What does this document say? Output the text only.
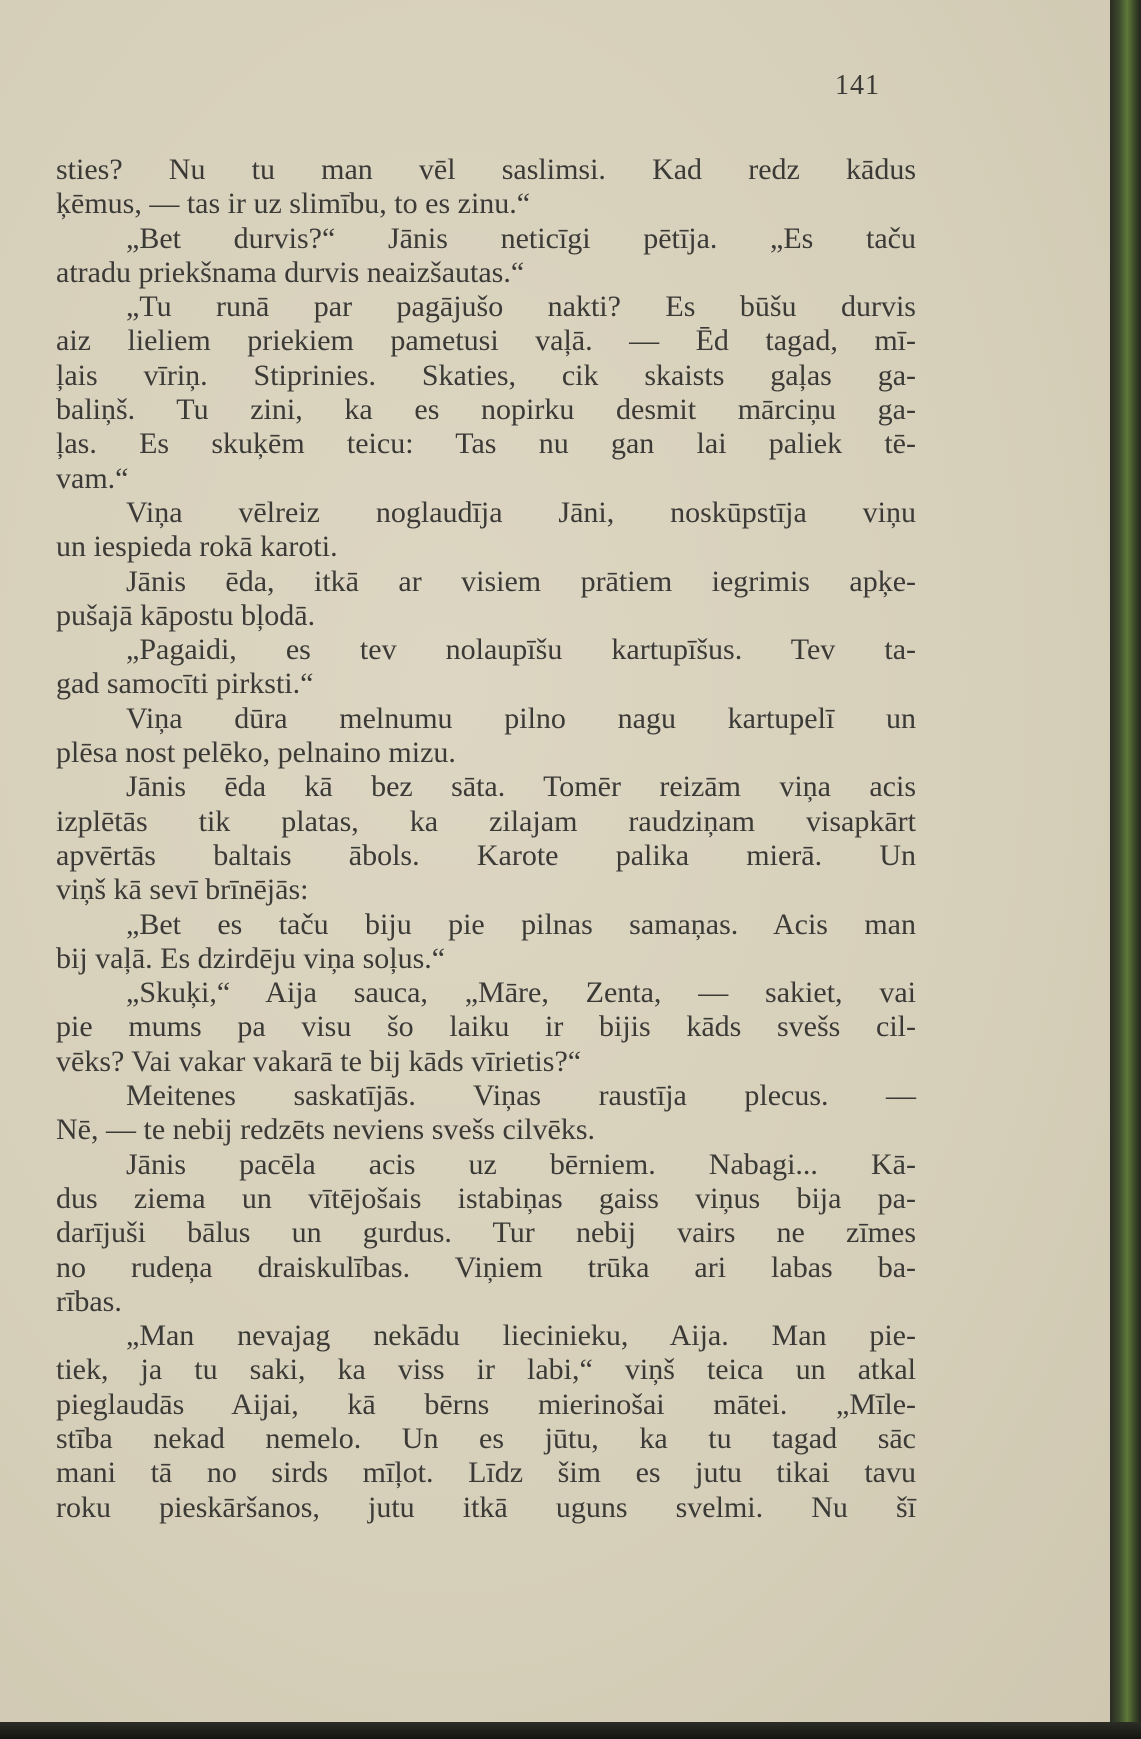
141
sties? Nu tu man vēl saslimsi. Kad redz kādus
ķēmus, — tas ir uz slimību, to es zinu.“
„Bet durvis?“ Jānis neticīgi pētīja. „Es taču
atradu priekšnama durvis neaizšautas.“
„Tu runā par pagājušo nakti? Es būšu durvis
aiz lieliem priekiem pametusi vaļā. — Ēd tagad, mī-
ļais vīriņ. Stiprinies. Skaties, cik skaists gaļas ga-
baliņš. Tu zini, ka es nopirku desmit mārciņu ga-
ļas. Es skuķēm teicu: Tas nu gan lai paliek tē-
vam.“
Viņa vēlreiz noglaudīja Jāni, noskūpstīja viņu
un iespieda rokā karoti.
Jānis ēda, itkā ar visiem prātiem iegrimis apķe-
pušajā kāpostu bļodā.
„Pagaidi, es tev nolaupīšu kartupīšus. Tev ta-
gad samocīti pirksti.“
Viņa dūra melnumu pilno nagu kartupelī un
plēsa nost pelēko, pelnaino mizu.
Jānis ēda kā bez sāta. Tomēr reizām viņa acis
izplētās tik platas, ka zilajam raudziņam visapkārt
apvērtās baltais ābols. Karote palika mierā. Un
viņš kā sevī brīnējās:
„Bet es taču biju pie pilnas samaņas. Acis man
bij vaļā. Es dzirdēju viņa soļus.“
„Skuķi,“ Aija sauca, „Māre, Zenta, — sakiet, vai
pie mums pa visu šo laiku ir bijis kāds svešs cil-
vēks? Vai vakar vakarā te bij kāds vīrietis?“
Meitenes saskatījās. Viņas raustīja plecus. —
Nē, — te nebij redzēts neviens svešs cilvēks.
Jānis pacēla acis uz bērniem. Nabagi... Kā-
dus ziema un vītējošais istabiņas gaiss viņus bija pa-
darījuši bālus un gurdus. Tur nebij vairs ne zīmes
no rudeņa draiskulības. Viņiem trūka ari labas ba-
rības.
„Man nevajag nekādu liecinieku, Aija. Man pie-
tiek, ja tu saki, ka viss ir labi,“ viņš teica un atkal
pieglaudās Aijai, kā bērns mierinošai mātei. „Mīle-
stība nekad nemelo. Un es jūtu, ka tu tagad sāc
mani tā no sirds mīļot. Līdz šim es jutu tikai tavu
roku pieskāršanos, jutu itkā uguns svelmi. Nu šī
